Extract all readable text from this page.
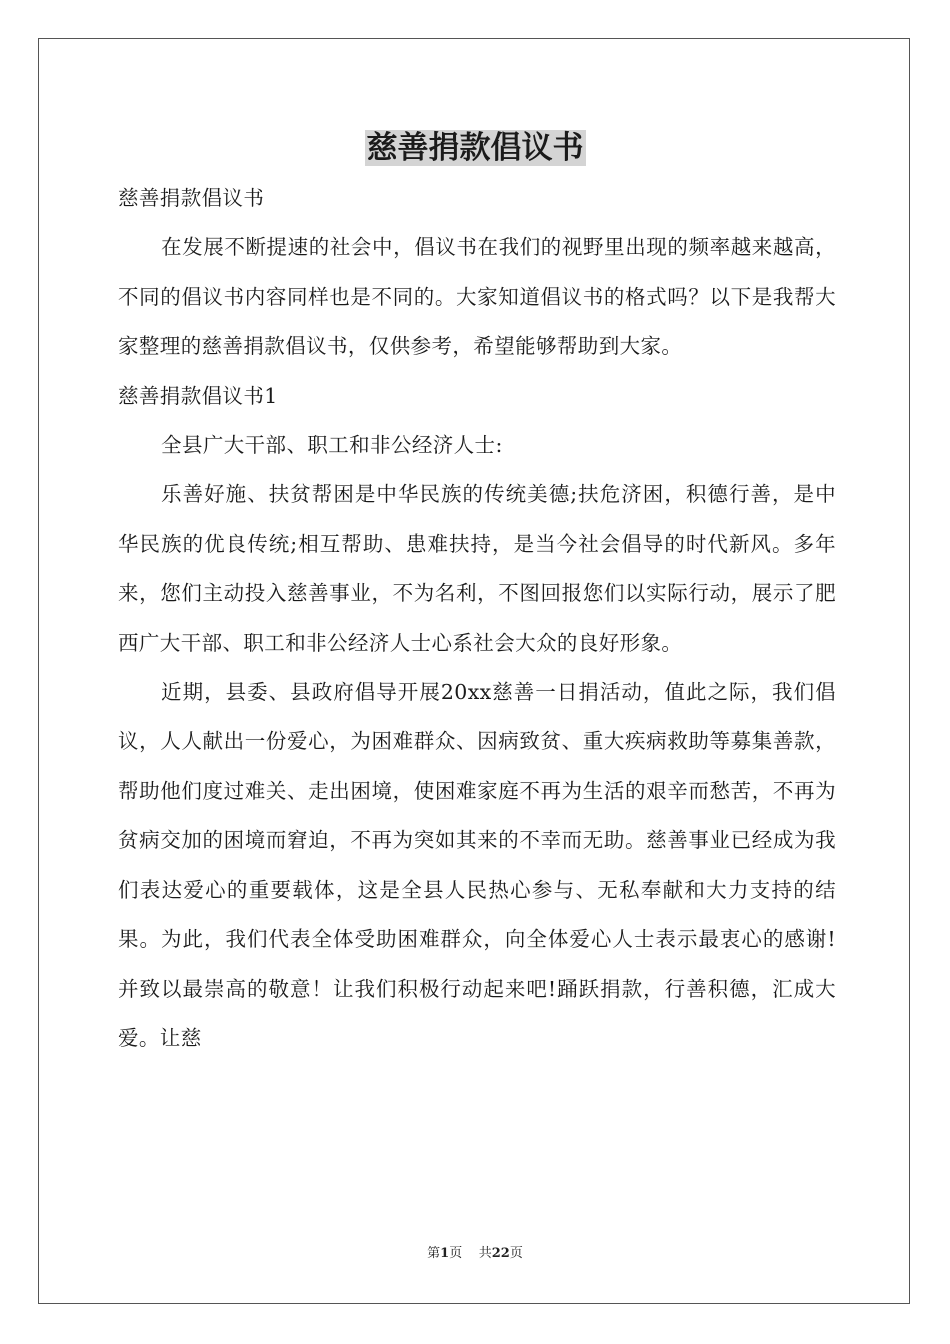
慈善捐款倡议书

慈善捐款倡议书

在发展不断提速的社会中，倡议书在我们的视野里出现的频率越来越高，不同的倡议书内容同样也是不同的。大家知道倡议书的格式吗？以下是我帮大家整理的慈善捐款倡议书，仅供参考，希望能够帮助到大家。

慈善捐款倡议书1

全县广大干部、职工和非公经济人士:

乐善好施、扶贫帮困是中华民族的传统美德;扶危济困，积德行善，是中华民族的优良传统;相互帮助、患难扶持，是当今社会倡导的时代新风。多年来，您们主动投入慈善事业，不为名利，不图回报您们以实际行动，展示了肥西广大干部、职工和非公经济人士心系社会大众的良好形象。

近期，县委、县政府倡导开展20xx慈善一日捐活动，值此之际，我们倡议，人人献出一份爱心，为困难群众、因病致贫、重大疾病救助等募集善款，帮助他们度过难关、走出困境，使困难家庭不再为生活的艰辛而愁苦，不再为贫病交加的困境而窘迫，不再为突如其来的不幸而无助。慈善事业已经成为我们表达爱心的重要载体，这是全县人民热心参与、无私奉献和大力支持的结果。为此，我们代表全体受助困难群众，向全体爱心人士表示最衷心的感谢!并致以最崇高的敬意！让我们积极行动起来吧!踊跃捐款，行善积德，汇成大爱。让慈

第1页 共22页
